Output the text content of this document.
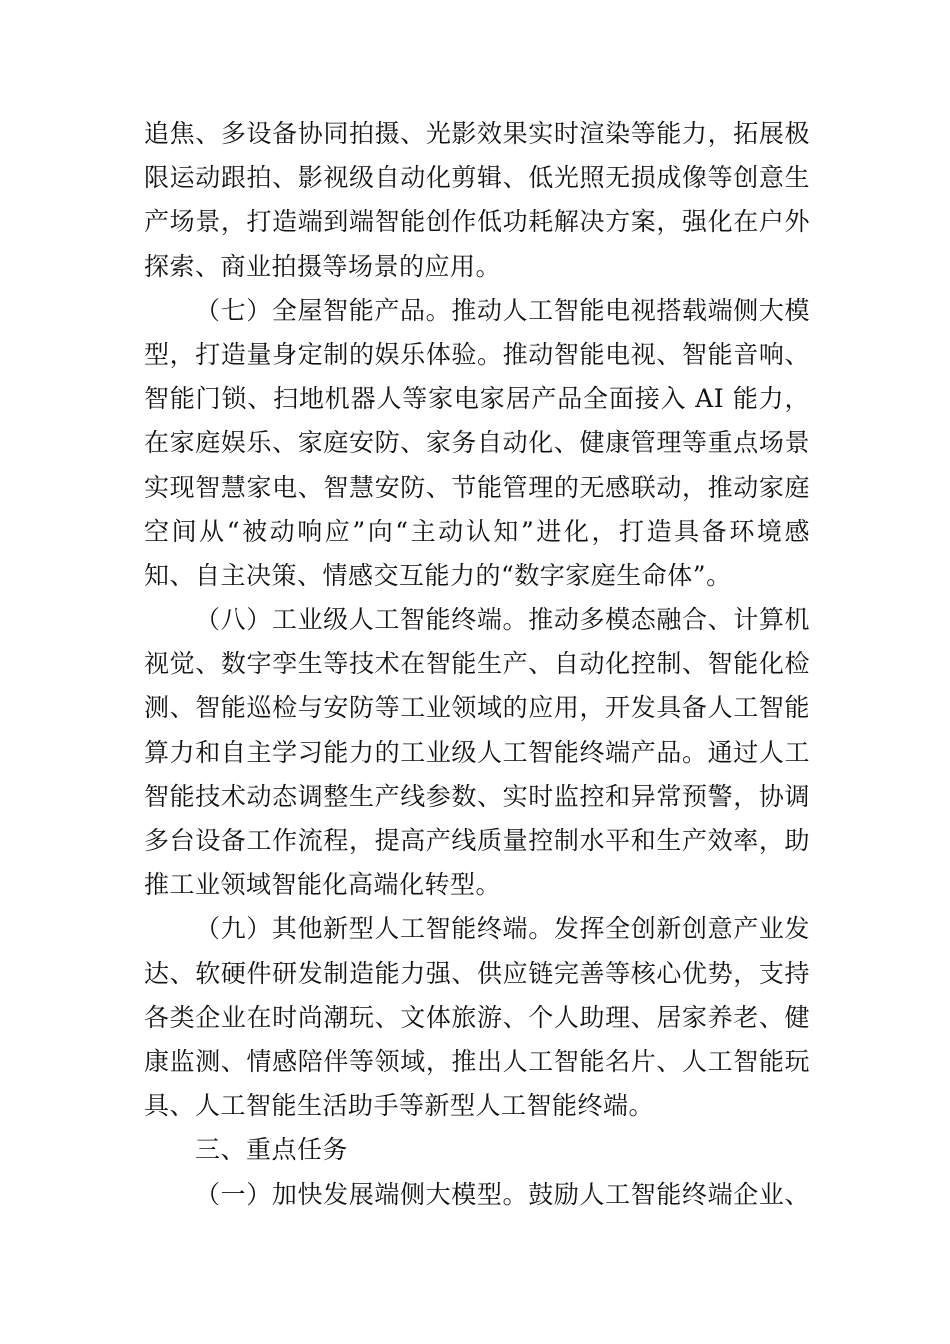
追焦、多设备协同拍摄、光影效果实时渲染等能力，拓展极
限运动跟拍、影视级自动化剪辑、低光照无损成像等创意生
产场景，打造端到端智能创作低功耗解决方案，强化在户外
探索、商业拍摄等场景的应用。
（七）全屋智能产品。推动人工智能电视搭载端侧大模
型，打造量身定制的娱乐体验。推动智能电视、智能音响、
智能门锁、扫地机器人等家电家居产品全面接入 AI 能力，
在家庭娱乐、家庭安防、家务自动化、健康管理等重点场景
实现智慧家电、智慧安防、节能管理的无感联动，推动家庭
空间从“被动响应”向“主动认知”进化，打造具备环境感
知、自主决策、情感交互能力的“数字家庭生命体”。
（八）工业级人工智能终端。推动多模态融合、计算机
视觉、数字孪生等技术在智能生产、自动化控制、智能化检
测、智能巡检与安防等工业领域的应用，开发具备人工智能
算力和自主学习能力的工业级人工智能终端产品。通过人工
智能技术动态调整生产线参数、实时监控和异常预警，协调
多台设备工作流程，提高产线质量控制水平和生产效率，助
推工业领域智能化高端化转型。
（九）其他新型人工智能终端。发挥全创新创意产业发
达、软硬件研发制造能力强、供应链完善等核心优势，支持
各类企业在时尚潮玩、文体旅游、个人助理、居家养老、健
康监测、情感陪伴等领域，推出人工智能名片、人工智能玩
具、人工智能生活助手等新型人工智能终端。
三、重点任务
（一）加快发展端侧大模型。鼓励人工智能终端企业、
